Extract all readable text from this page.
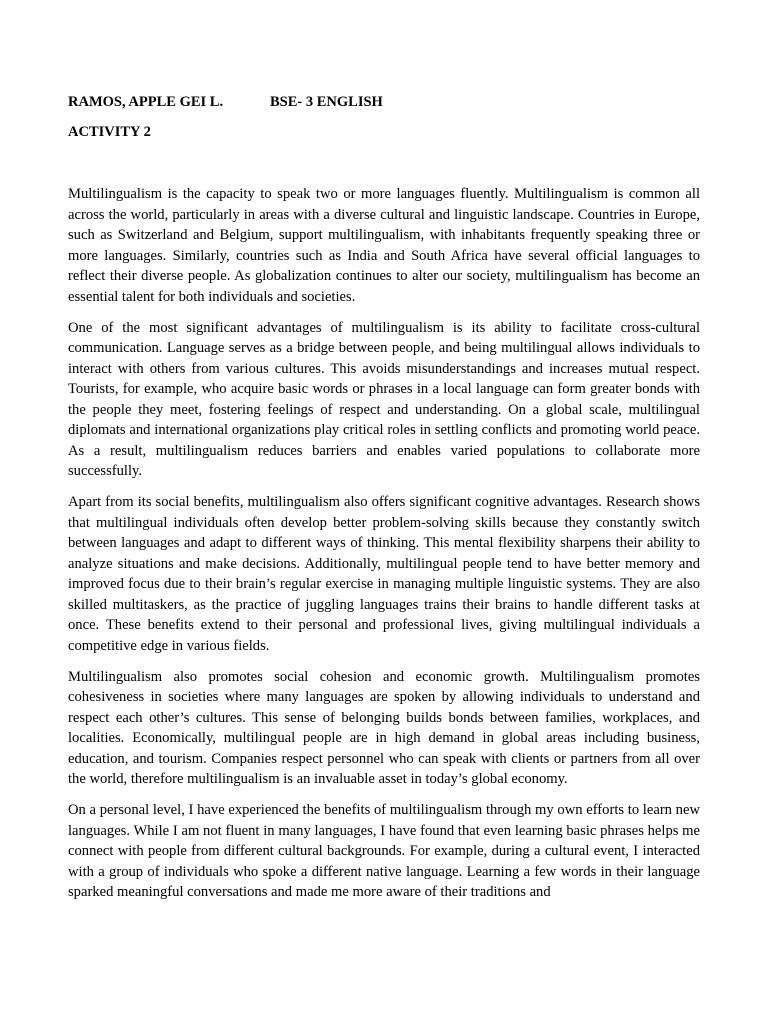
RAMOS, APPLE GEI L.	BSE- 3 ENGLISH
ACTIVITY 2

Multilingualism is the capacity to speak two or more languages fluently. Multilingualism is common all across the world, particularly in areas with a diverse cultural and linguistic landscape. Countries in Europe, such as Switzerland and Belgium, support multilingualism, with inhabitants frequently speaking three or more languages. Similarly, countries such as India and South Africa have several official languages to reflect their diverse people. As globalization continues to alter our society, multilingualism has become an essential talent for both individuals and societies.

One of the most significant advantages of multilingualism is its ability to facilitate cross-cultural communication. Language serves as a bridge between people, and being multilingual allows individuals to interact with others from various cultures. This avoids misunderstandings and increases mutual respect. Tourists, for example, who acquire basic words or phrases in a local language can form greater bonds with the people they meet, fostering feelings of respect and understanding. On a global scale, multilingual diplomats and international organizations play critical roles in settling conflicts and promoting world peace. As a result, multilingualism reduces barriers and enables varied populations to collaborate more successfully.

Apart from its social benefits, multilingualism also offers significant cognitive advantages. Research shows that multilingual individuals often develop better problem-solving skills because they constantly switch between languages and adapt to different ways of thinking. This mental flexibility sharpens their ability to analyze situations and make decisions. Additionally, multilingual people tend to have better memory and improved focus due to their brain’s regular exercise in managing multiple linguistic systems. They are also skilled multitaskers, as the practice of juggling languages trains their brains to handle different tasks at once. These benefits extend to their personal and professional lives, giving multilingual individuals a competitive edge in various fields.

Multilingualism also promotes social cohesion and economic growth. Multilingualism promotes cohesiveness in societies where many languages are spoken by allowing individuals to understand and respect each other’s cultures. This sense of belonging builds bonds between families, workplaces, and localities. Economically, multilingual people are in high demand in global areas including business, education, and tourism. Companies respect personnel who can speak with clients or partners from all over the world, therefore multilingualism is an invaluable asset in today’s global economy.

On a personal level, I have experienced the benefits of multilingualism through my own efforts to learn new languages. While I am not fluent in many languages, I have found that even learning basic phrases helps me connect with people from different cultural backgrounds. For example, during a cultural event, I interacted with a group of individuals who spoke a different native language. Learning a few words in their language sparked meaningful conversations and made me more aware of their traditions and
